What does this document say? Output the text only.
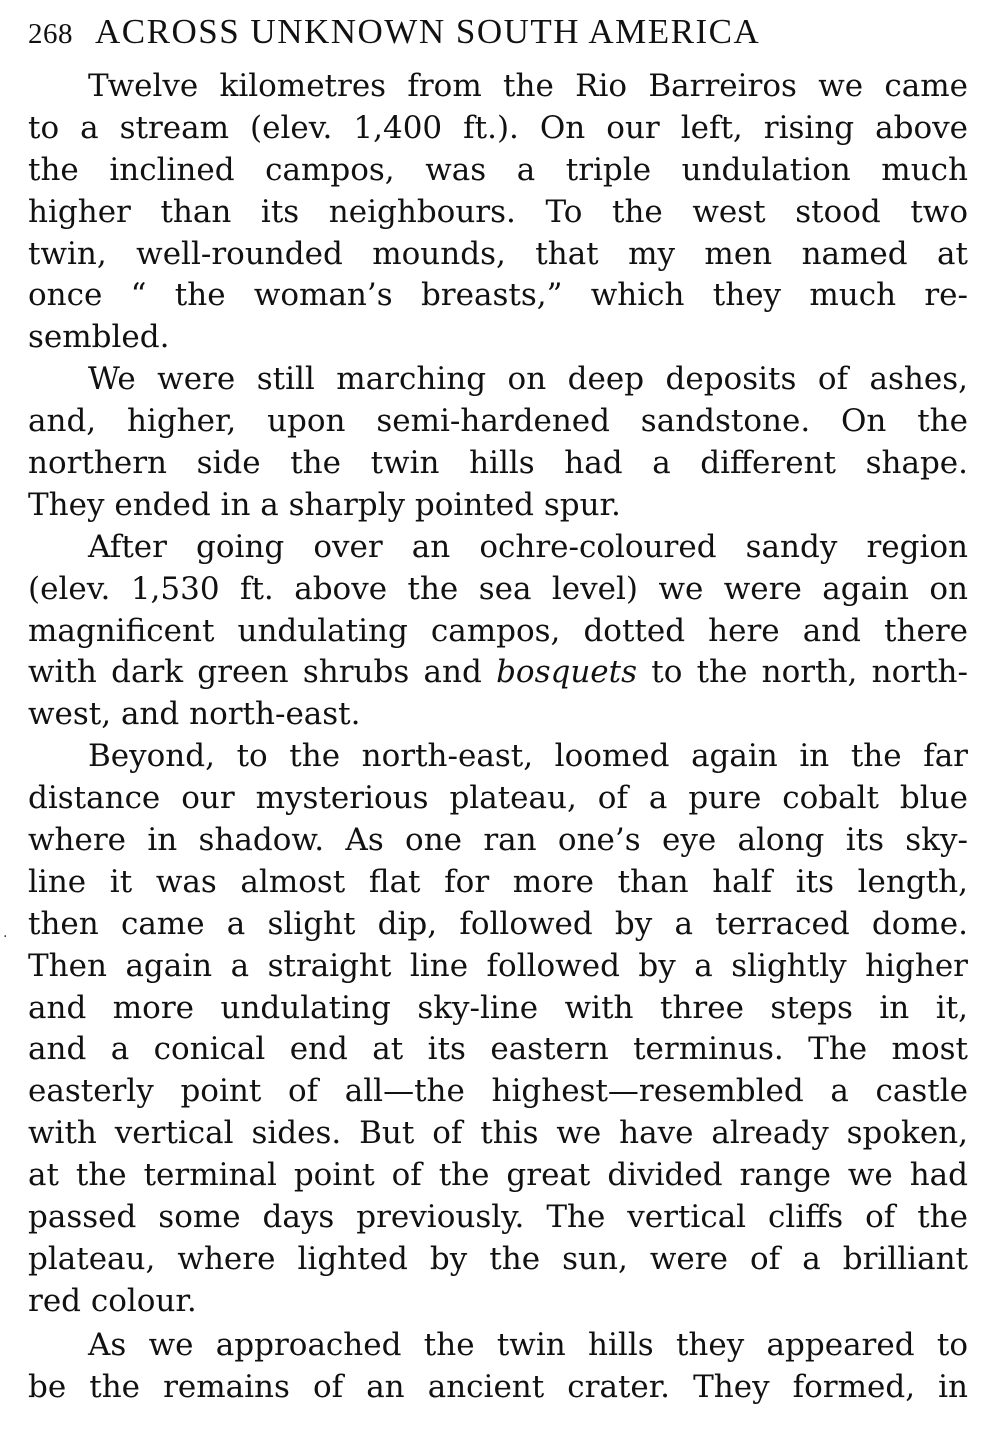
268 ACROSS UNKNOWN SOUTH AMERICA
Twelve kilometres from the Rio Barreiros we came
to a stream (elev. 1,400 ft.). On our left, rising above
the inclined campos, was a triple undulation much
higher than its neighbours. To the west stood two
twin, well-rounded mounds, that my men named at
once “ the woman’s breasts,” which they much re-
sembled.
We were still marching on deep deposits of ashes,
and, higher, upon semi-hardened sandstone. On the
northern side the twin hills had a different shape.
They ended in a sharply pointed spur.
After going over an ochre-coloured sandy region
(elev. 1,530 ft. above the sea level) we were again on
magnificent undulating campos, dotted here and there
with dark green shrubs and bosquets to the north, north-
west, and north-east.
Beyond, to the north-east, loomed again in the far
distance our mysterious plateau, of a pure cobalt blue
where in shadow. As one ran one’s eye along its sky-
line it was almost flat for more than half its length,
then came a slight dip, followed by a terraced dome.
Then again a straight line followed by a slightly higher
and more undulating sky-line with three steps in it,
and a conical end at its eastern terminus. The most
easterly point of all—the highest—resembled a castle
with vertical sides. But of this we have already spoken,
at the terminal point of the great divided range we had
passed some days previously. The vertical cliffs of the
plateau, where lighted by the sun, were of a brilliant
red colour.
As we approached the twin hills they appeared to
be the remains of an ancient crater. They formed, in
·
